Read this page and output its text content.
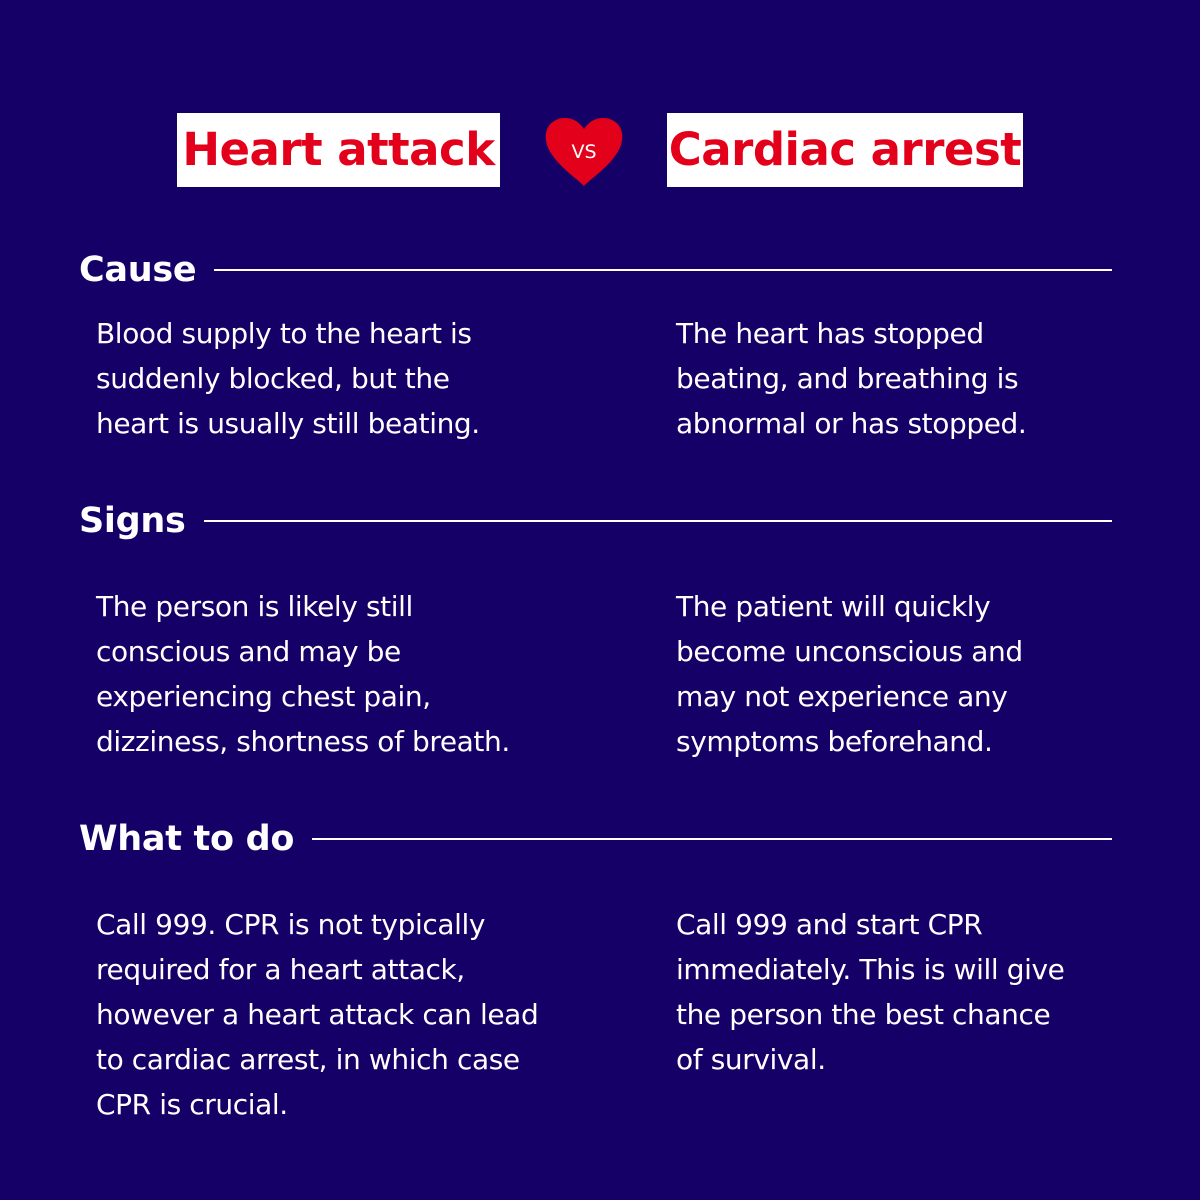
Heart attack	VS Cardiac arrest
Cause
Blood supply to the heart is
suddenly blocked, but the
heart is usually still beating.
The heart has stopped
beating, and breathing is
abnormal or has stopped.
Signs
The person is likely still
conscious and may be
experiencing chest pain,
dizziness, shortness of breath.
The patient will quickly
become unconscious and
may not experience any
symptoms beforehand.
What to do
Call 999. CPR is not typically
required for a heart attack,
however a heart attack can lead
to cardiac arrest, in which case
CPR is crucial.
Call 999 and start CPR
immediately. This is will give
the person the best chance
of survival.
